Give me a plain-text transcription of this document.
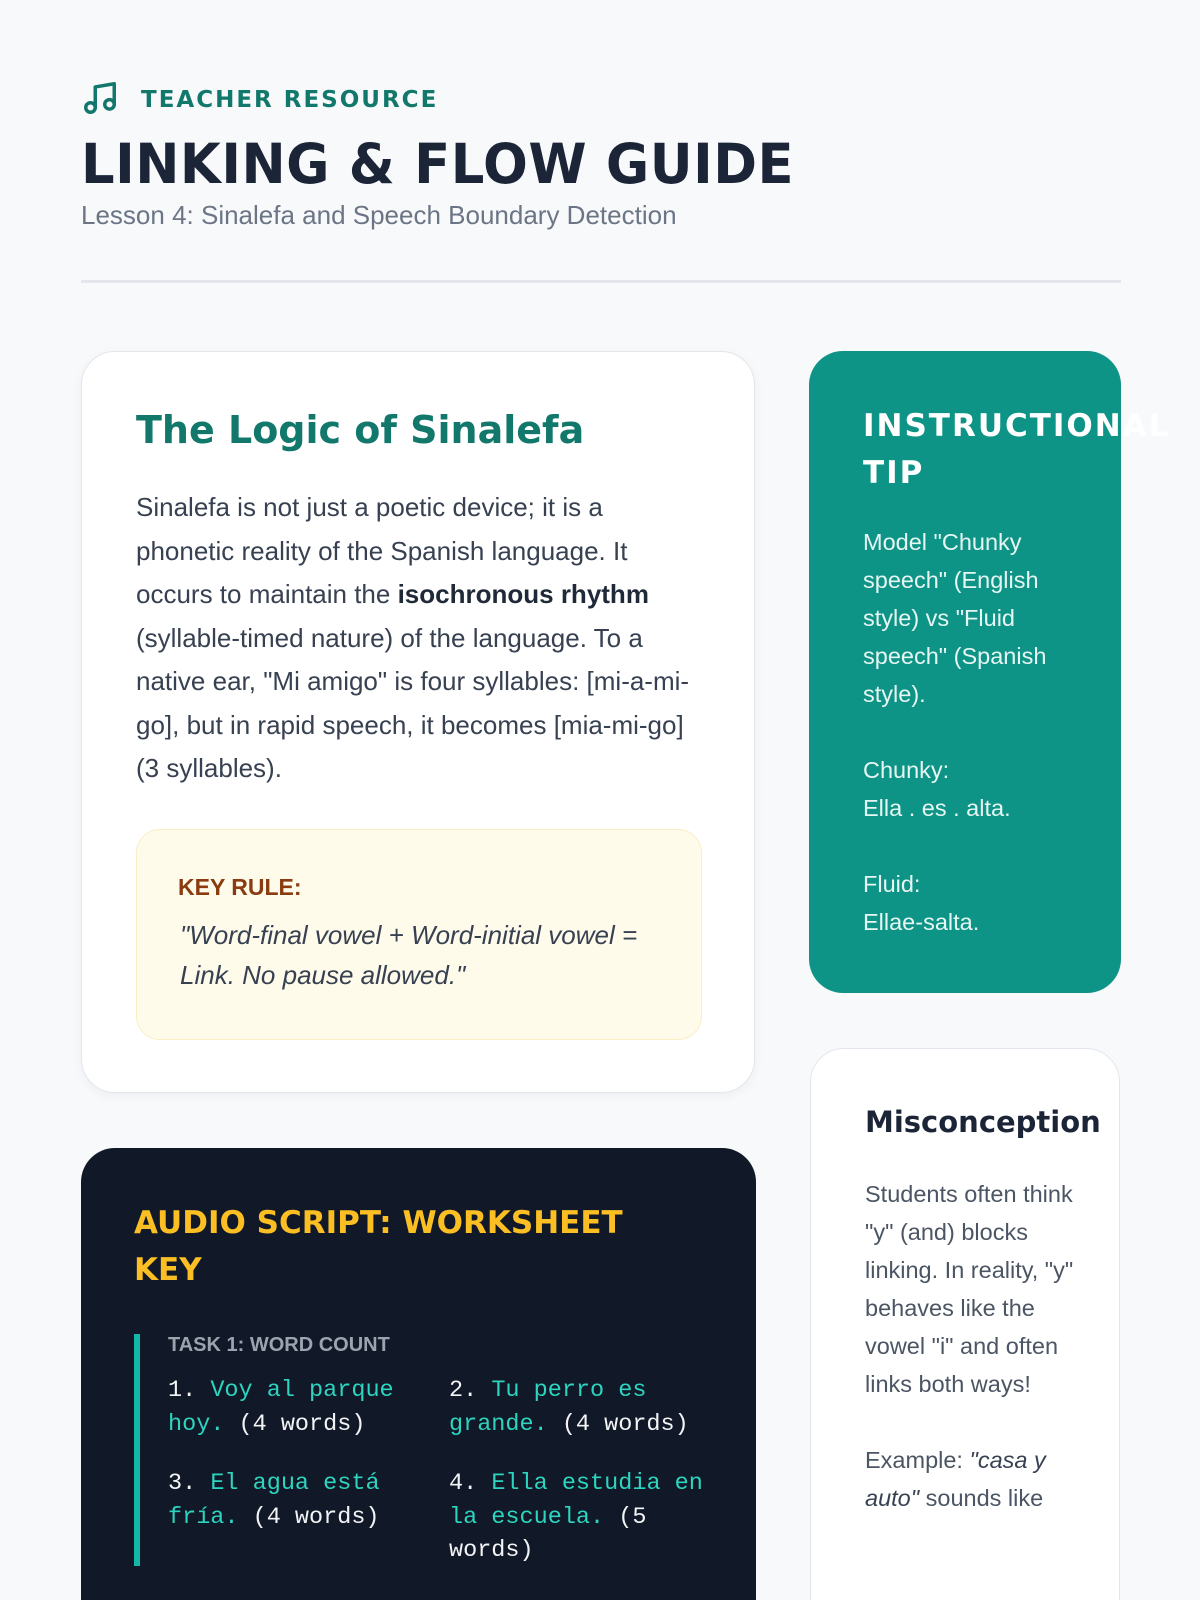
TEACHER RESOURCE
LINKING & FLOW GUIDE
Lesson 4: Sinalefa and Speech Boundary Detection
The Logic of Sinalefa

Sinalefa is not just a poetic device; it is a phonetic reality of the Spanish language. It occurs to maintain the isochronous rhythm (syllable-timed nature) of the language. To a native ear, "Mi amigo" is four syllables: [mi-a-mi-go], but in rapid speech, it becomes [mia-mi-go] (3 syllables).

KEY RULE:
"Word-final vowel + Word-initial vowel = Link. No pause allowed."
INSTRUCTIONAL TIP

Model "Chunky speech" (English style) vs "Fluid speech" (Spanish style).

Chunky:
Ella . es . alta.

Fluid:
Ellae-salta.

Misconception

Students often think "y" (and) blocks linking. In reality, "y" behaves like the vowel "i" and often links both ways!

Example: "casa y auto" sounds like

AUDIO SCRIPT: WORKSHEET KEY
TASK 1: WORD COUNT
1. Voy al parque hoy. (4 words)
2. Tu perro es grande. (4 words)
3. El agua está fría. (4 words)
4. Ella estudia en la escuela. (5 words)
